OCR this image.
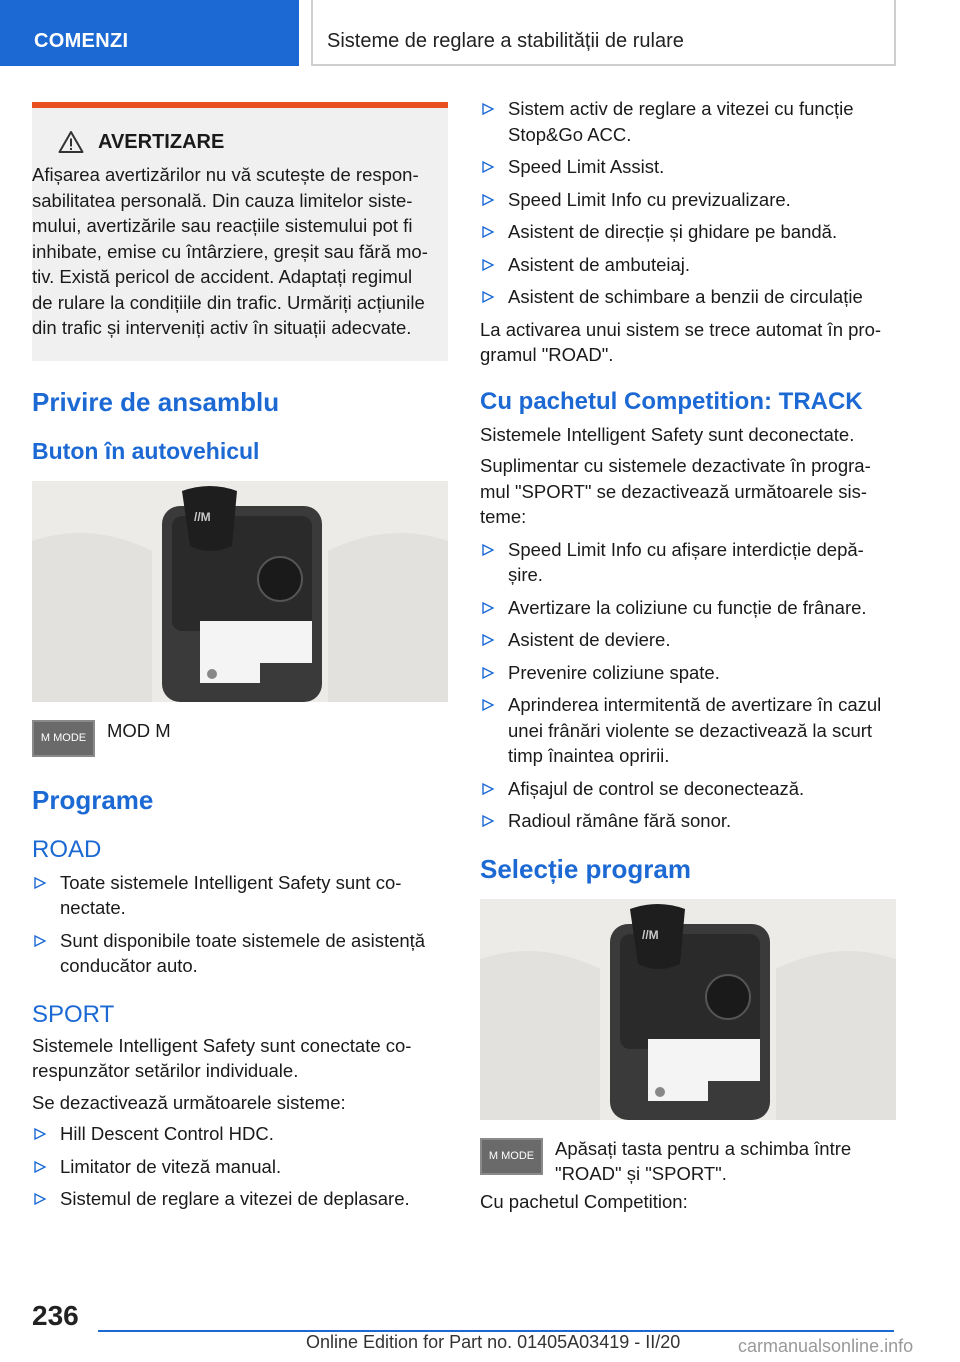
COMENZI	Sisteme de reglare a stabilității de rulare
AVERTIZARE
Afișarea avertizărilor nu vă scutește de respon-sabilitatea personală. Din cauza limitelor siste-mului, avertizările sau reacțiile sistemului pot fi inhibate, emise cu întârziere, greșit sau fără mo-tiv. Există pericol de accident. Adaptați regimul de rulare la condițiile din trafic. Urmăriți acțiunile din trafic și interveniți activ în situații adecvate.
Privire de ansamblu
Buton în autovehicul
//M
M MODE	MOD M
Programe
ROAD
Toate sistemele Intelligent Safety sunt co-nectate.
Sunt disponibile toate sistemele de asistență conducător auto.
SPORT
Sistemele Intelligent Safety sunt conectate co-respunzător setărilor individuale.
Se dezactivează următoarele sisteme:
Hill Descent Control HDC.
Limitator de viteză manual.
Sistemul de reglare a vitezei de deplasare.
Sistem activ de reglare a vitezei cu funcție Stop&Go ACC.
Speed Limit Assist.
Speed Limit Info cu previzualizare.
Asistent de direcție și ghidare pe bandă.
Asistent de ambuteiaj.
Asistent de schimbare a benzii de circulație
La activarea unui sistem se trece automat în pro-gramul "ROAD".
Cu pachetul Competition: TRACK
Sistemele Intelligent Safety sunt deconectate.
Suplimentar cu sistemele dezactivate în progra-mul "SPORT" se dezactivează următoarele sis-teme:
Speed Limit Info cu afișare interdicție depă-șire.
Avertizare la coliziune cu funcție de frânare.
Asistent de deviere.
Prevenire coliziune spate.
Aprinderea intermitentă de avertizare în cazul unei frânări violente se dezactivează la scurt timp înaintea opririi.
Afișajul de control se deconectează.
Radioul rămâne fără sonor.
Selecție program
//M
M MODE	Apăsați tasta pentru a schimba între "ROAD" și "SPORT".
Cu pachetul Competition:
236
Online Edition for Part no. 01405A03419 - II/20	carmanualsonline.info
